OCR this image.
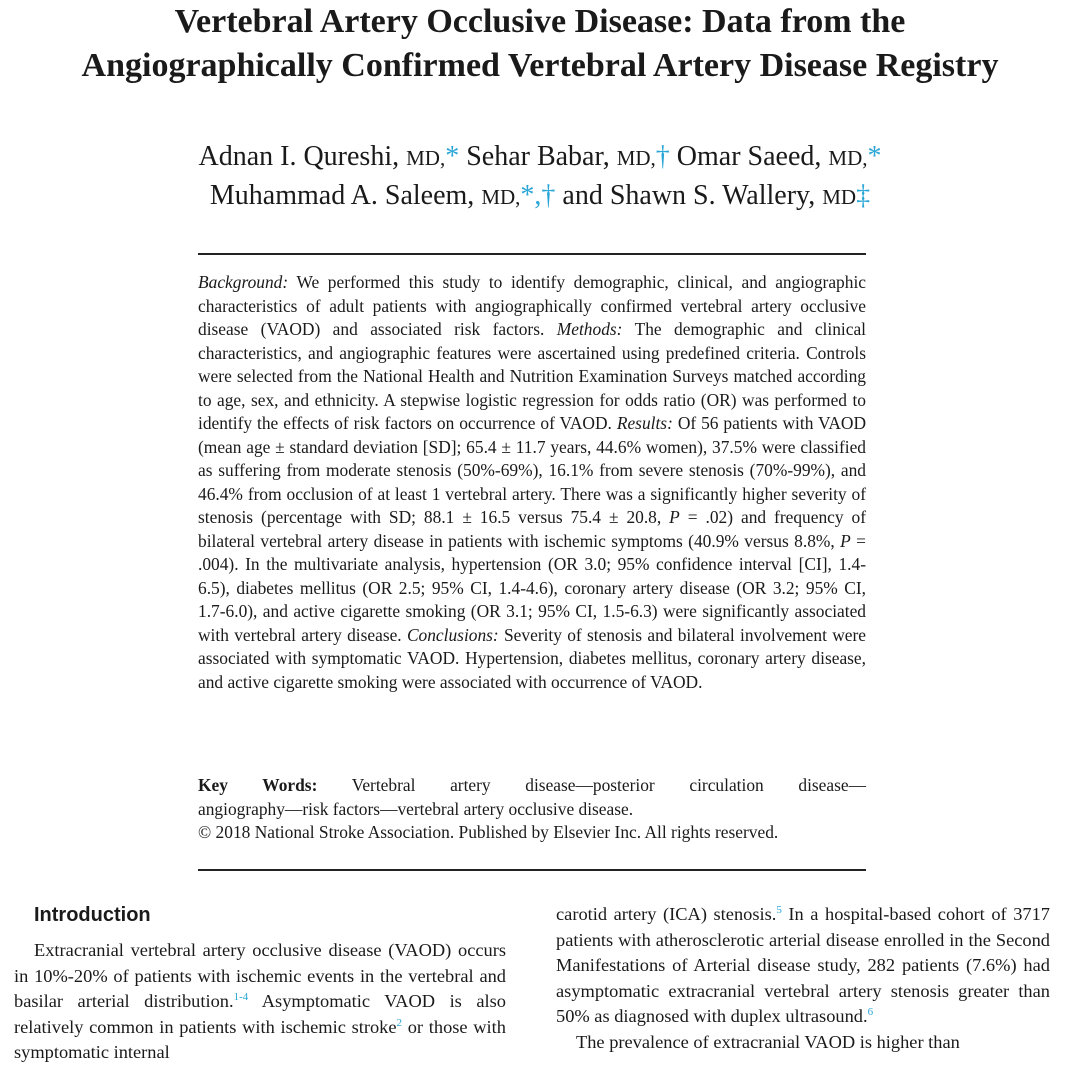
Vertebral Artery Occlusive Disease: Data from the
Angiographically Confirmed Vertebral Artery Disease Registry
Adnan I. Qureshi, MD,* Sehar Babar, MD,† Omar Saeed, MD,*
Muhammad A. Saleem, MD,*,† and Shawn S. Wallery, MD‡
Background: We performed this study to identify demographic, clinical, and angiographic characteristics of adult patients with angiographically confirmed vertebral artery occlusive disease (VAOD) and associated risk factors. Methods: The demographic and clinical characteristics, and angiographic features were ascertained using predefined criteria. Controls were selected from the National Health and Nutrition Examination Surveys matched according to age, sex, and ethnicity. A stepwise logistic regression for odds ratio (OR) was performed to identify the effects of risk factors on occurrence of VAOD. Results: Of 56 patients with VAOD (mean age ± standard deviation [SD]; 65.4 ± 11.7 years, 44.6% women), 37.5% were classified as suffering from moderate stenosis (50%-69%), 16.1% from severe stenosis (70%-99%), and 46.4% from occlusion of at least 1 vertebral artery. There was a significantly higher severity of stenosis (percentage with SD; 88.1 ± 16.5 versus 75.4 ± 20.8, P = .02) and frequency of bilateral vertebral artery disease in patients with ischemic symptoms (40.9% versus 8.8%, P = .004). In the multivariate analysis, hypertension (OR 3.0; 95% confidence interval [CI], 1.4-6.5), diabetes mellitus (OR 2.5; 95% CI, 1.4-4.6), coronary artery disease (OR 3.2; 95% CI, 1.7-6.0), and active cigarette smoking (OR 3.1; 95% CI, 1.5-6.3) were significantly associated with vertebral artery disease. Conclusions: Severity of stenosis and bilateral involvement were associated with symptomatic VAOD. Hypertension, diabetes mellitus, coronary artery disease, and active cigarette smoking were associated with occurrence of VAOD.
Key Words: Vertebral artery disease—posterior circulation disease—
angiography—risk factors—vertebral artery occlusive disease.
© 2018 National Stroke Association. Published by Elsevier Inc. All rights reserved.
Introduction

Extracranial vertebral artery occlusive disease (VAOD) occurs in 10%-20% of patients with ischemic events in the vertebral and basilar arterial distribution.$^{1-4}$ Asymptomatic VAOD is also relatively common in patients with ischemic stroke$^2$ or those with symptomatic internal

carotid artery (ICA) stenosis.$^5$ In a hospital-based cohort of 3717 patients with atherosclerotic arterial disease enrolled in the Second Manifestations of Arterial disease study, 282 patients (7.6%) had asymptomatic extracranial vertebral artery stenosis greater than 50% as diagnosed with duplex ultrasound.$^6$

The prevalence of extracranial VAOD is higher than
